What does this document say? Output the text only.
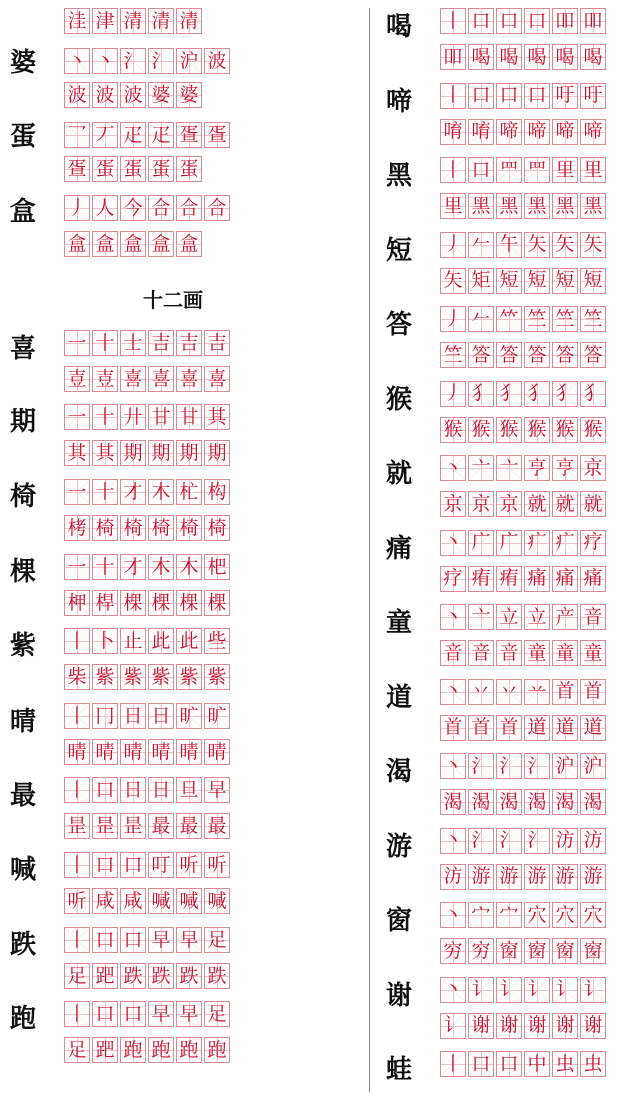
十二画
洼 津 清 清 清
婆 丶 丶 氵 氵 沪 波
波 波 波 婆 婆
蛋 乛 丆 疋 疋 疍 疍
疍 蛋 蛋 蛋 蛋
盒 丿 人 今 合 合 合
盒 盒 盒 盒 盒
喜 一 十 士 吉 吉 吉
壴 壴 喜 喜 喜 喜
期 一 十 廾 甘 甘 其
其 其 期 期 期 期
椅 一 十 才 木 杧 构
栲 椅 椅 椅 椅 椅
棵 一 十 才 木 木 杷
柙 桿 棵 棵 棵 棵
紫 丨 卜 止 此 此 些
柴 紫 紫 紫 紫 紫
晴 丨 冂 日 日 旷 旷
晴 晴 晴 晴 晴 晴
最 丨 口 日 日 旦 早
昰 昰 昰 最 最 最
喊 丨 口 口 叮 听 听
听 咸 咸 喊 喊 喊
跌 丨 口 口 早 早 足
足 跁 跌 跌 跌 跌
跑 丨 口 口 早 早 足
足 跁 跑 跑 跑 跑
喝 丨 口 口 口 吅 吅
吅 喝 喝 喝 喝 喝
啼 丨 口 口 口 吁 吁
唷 唷 啼 啼 啼 啼
黑 丨 口 罒 罒 里 里
里 黑 黑 黑 黑 黑
短 丿 𠂉 午 矢 矢 矢
矢 矩 短 短 短 短
答 丿 𠂉 𥫗 竺 竺 竺
竺 答 答 答 答 答
猴 丿 犭 犭 犭 犭 犭
猴 猴 猴 猴 猴 猴
就 丶 亠 亠 亨 亨 京
京 京 京 就 就 就
痛 丶 广 广 疒 疒 疗
疗 痏 痏 痛 痛 痛
童 丶 亠 立 立 产 音
音 音 音 童 童 童
道 丶 丷 丷 䒑 首 首
首 首 首 道 道 道
渴 丶 氵 氵 氵 沪 沪
渴 渴 渴 渴 渴 渴
游 丶 氵 氵 氵 汸 汸
汸 游 游 游 游 游
窗 丶 宀 宀 穴 穴 穴
穷 穷 窗 窗 窗 窗
谢 丶 讠 讠 讠 讠 讠
讠 谢 谢 谢 谢 谢
蛙 丨 口 口 中 虫 虫
